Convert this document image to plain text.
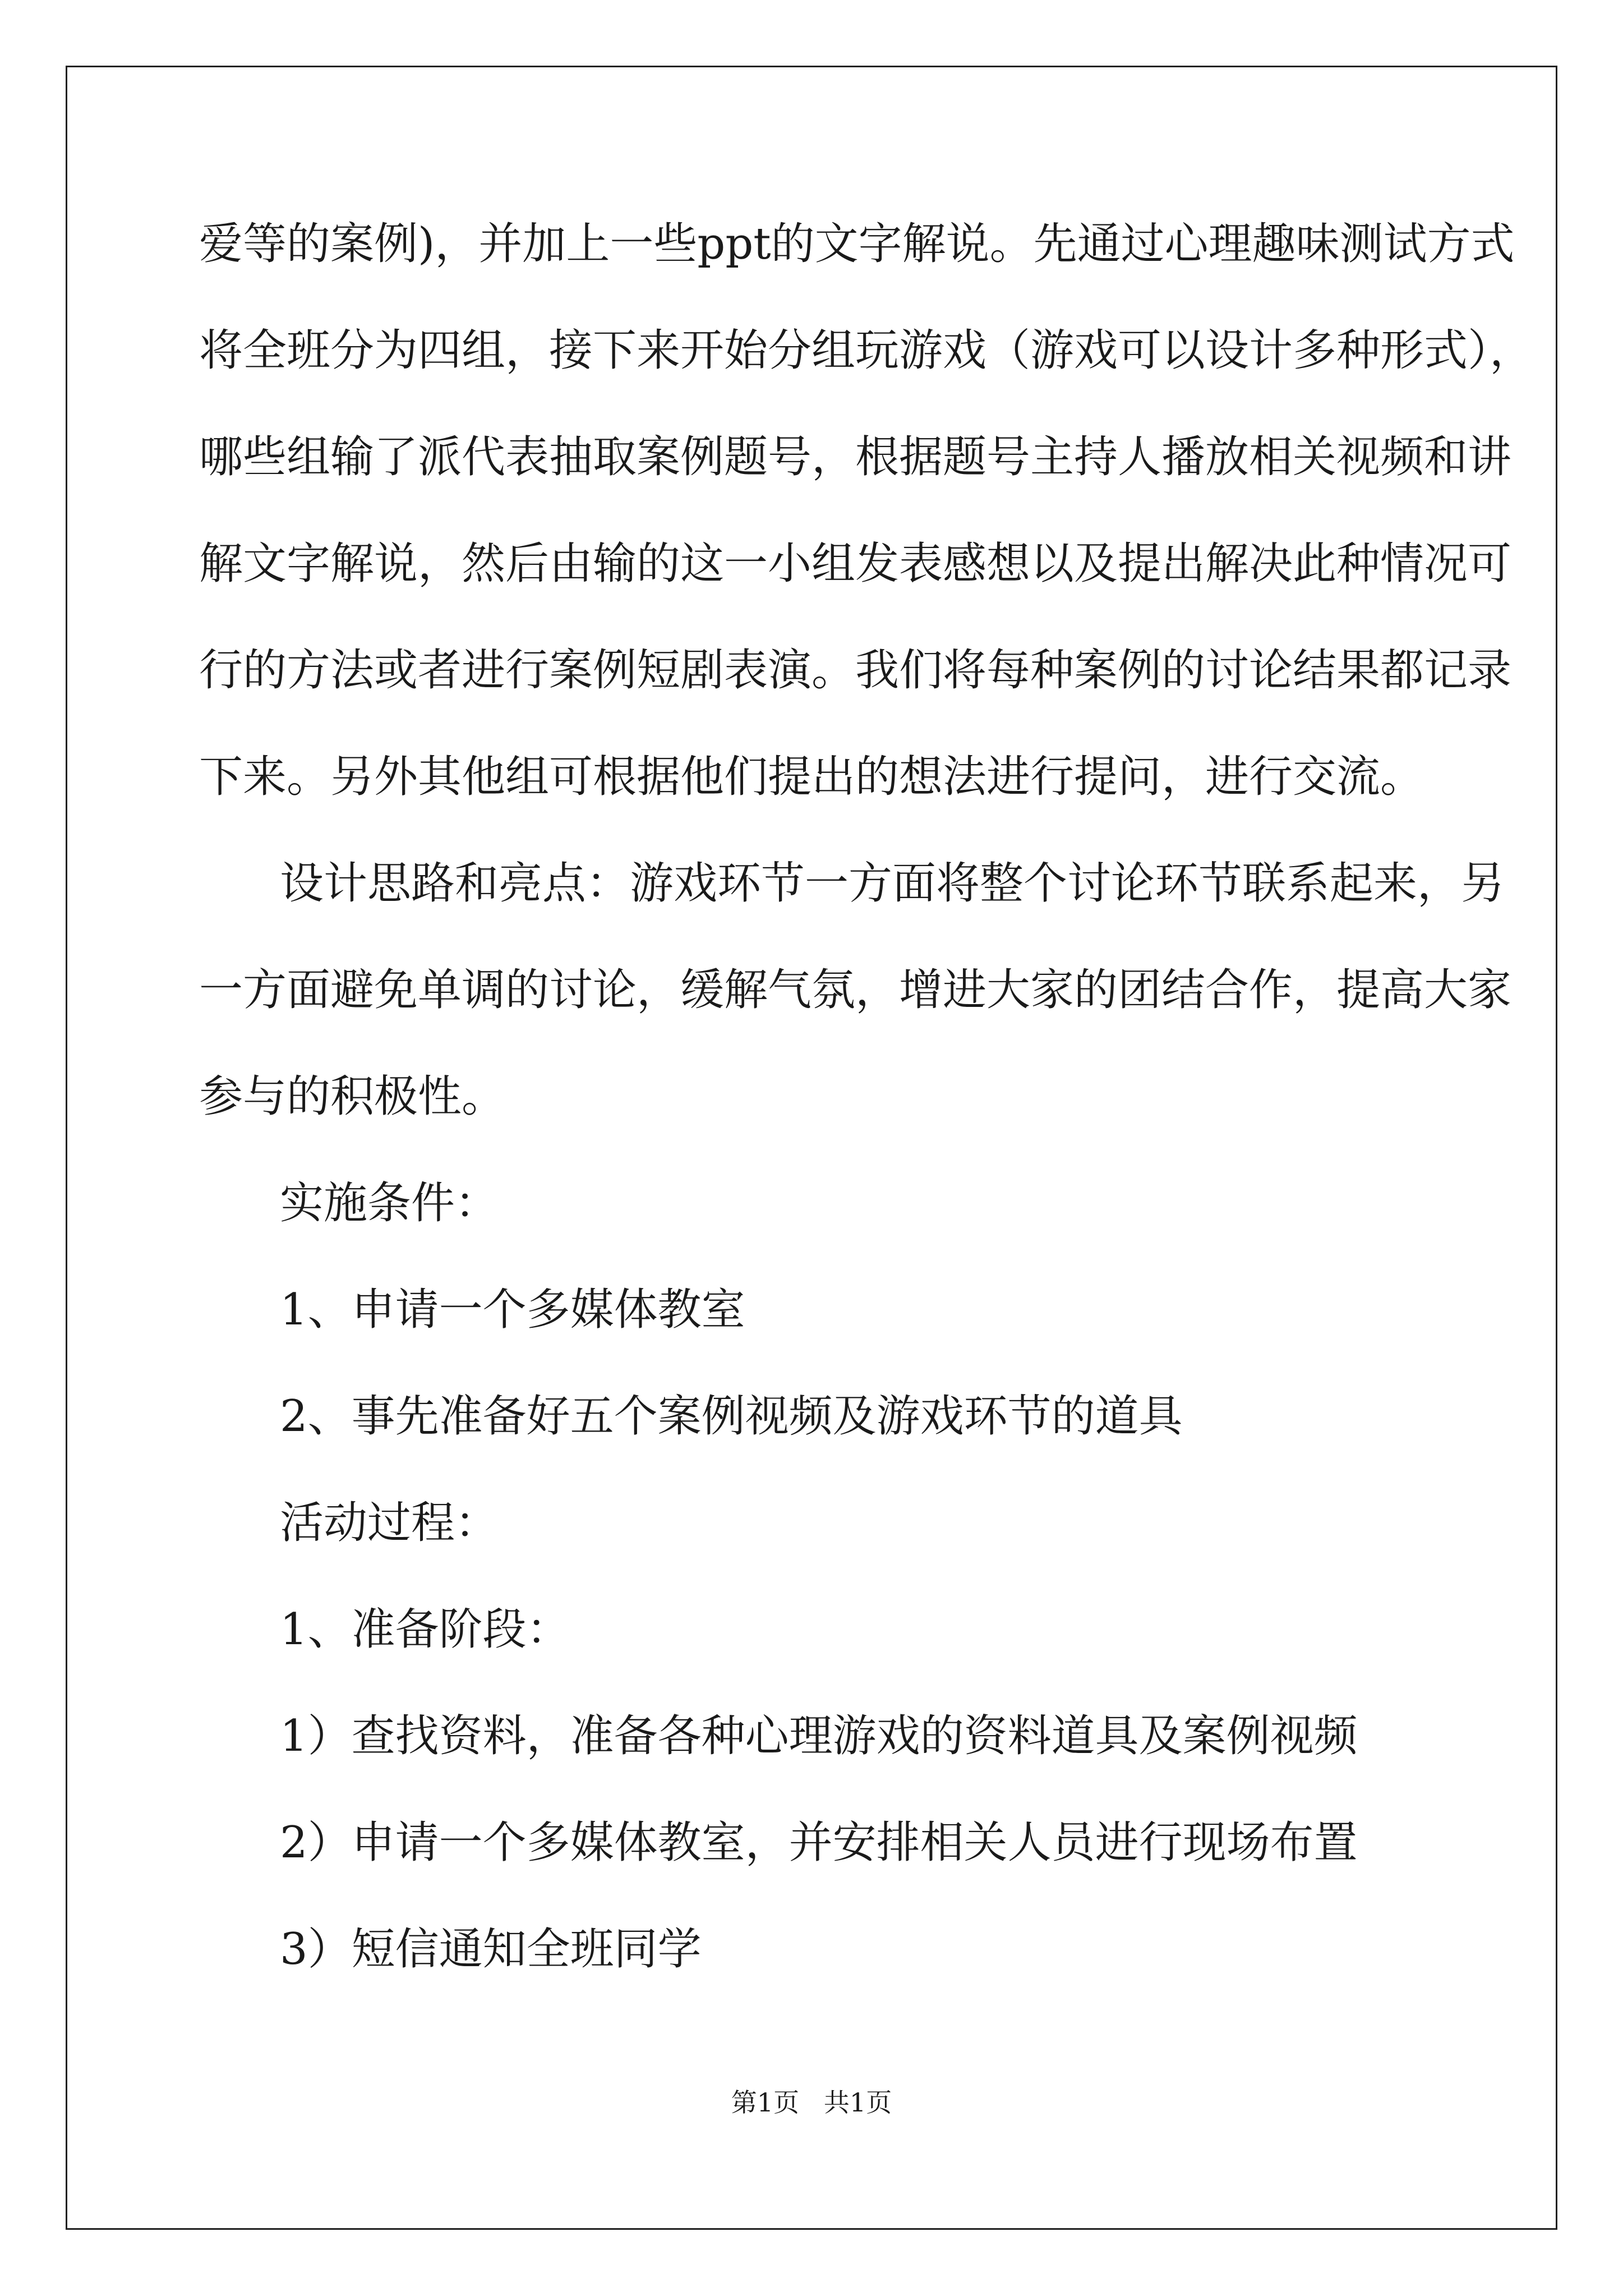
爱等的案例)，并加上一些ppt的文字解说。先通过心理趣味测试方式
将全班分为四组，接下来开始分组玩游戏（游戏可以设计多种形式），
哪些组输了派代表抽取案例题号，根据题号主持人播放相关视频和讲
解文字解说，然后由输的这一小组发表感想以及提出解决此种情况可
行的方法或者进行案例短剧表演。我们将每种案例的讨论结果都记录
下来。另外其他组可根据他们提出的想法进行提问，进行交流。
设计思路和亮点：游戏环节一方面将整个讨论环节联系起来，另
一方面避免单调的讨论，缓解气氛，增进大家的团结合作，提高大家
参与的积极性。
实施条件：
1、申请一个多媒体教室
2、事先准备好五个案例视频及游戏环节的道具
活动过程：
1、准备阶段：
1）查找资料，准备各种心理游戏的资料道具及案例视频
2）申请一个多媒体教室，并安排相关人员进行现场布置
3）短信通知全班同学
第1页   共1页
